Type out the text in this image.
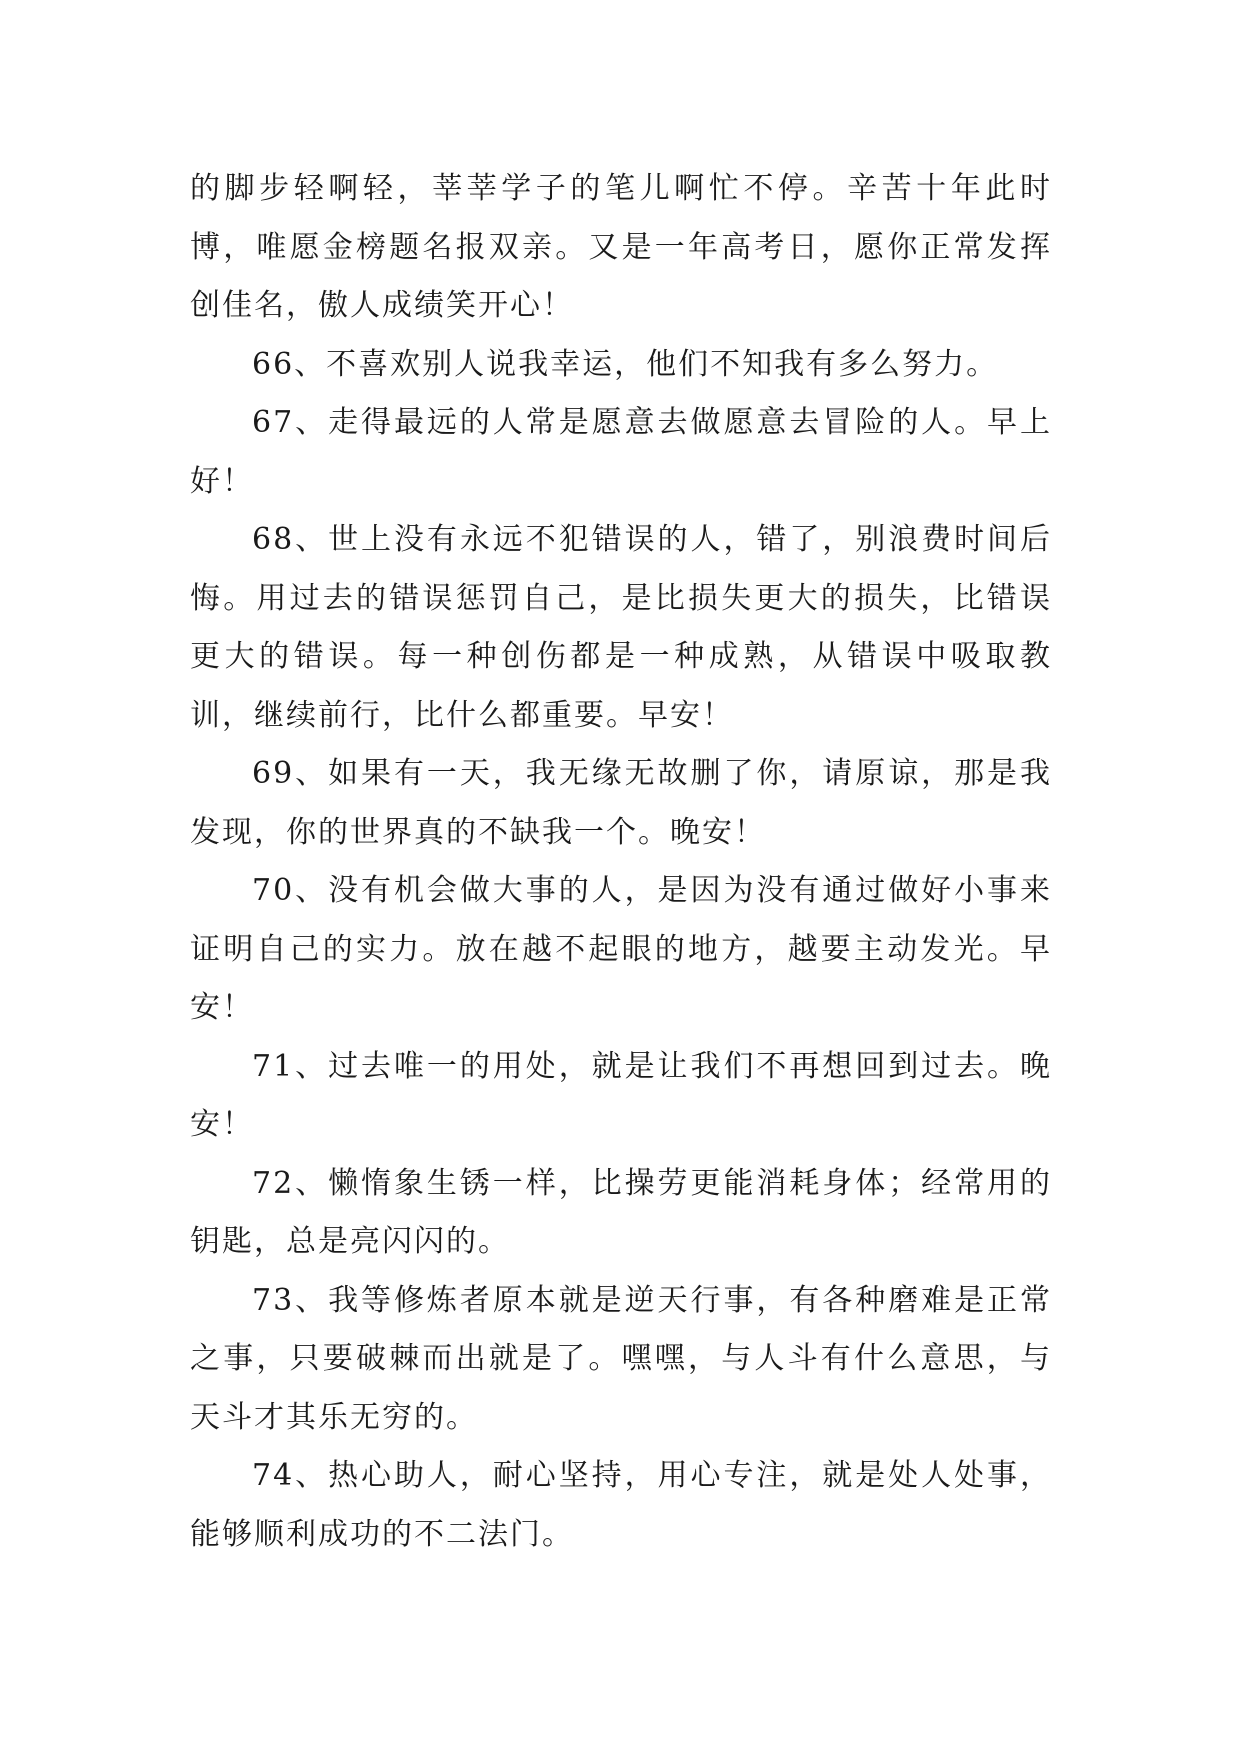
的脚步轻啊轻，莘莘学子的笔儿啊忙不停。辛苦十年此时博，唯愿金榜题名报双亲。又是一年高考日，愿你正常发挥创佳名，傲人成绩笑开心！

66、不喜欢别人说我幸运，他们不知我有多么努力。

67、走得最远的人常是愿意去做愿意去冒险的人。早上好！

68、世上没有永远不犯错误的人，错了，别浪费时间后悔。用过去的错误惩罚自己，是比损失更大的损失，比错误更大的错误。每一种创伤都是一种成熟，从错误中吸取教训，继续前行，比什么都重要。早安！

69、如果有一天，我无缘无故删了你，请原谅，那是我发现，你的世界真的不缺我一个。晚安！

70、没有机会做大事的人，是因为没有通过做好小事来证明自己的实力。放在越不起眼的地方，越要主动发光。早安！

71、过去唯一的用处，就是让我们不再想回到过去。晚安！

72、懒惰象生锈一样，比操劳更能消耗身体；经常用的钥匙，总是亮闪闪的。

73、我等修炼者原本就是逆天行事，有各种磨难是正常之事，只要破棘而出就是了。嘿嘿，与人斗有什么意思，与天斗才其乐无穷的。

74、热心助人，耐心坚持，用心专注，就是处人处事，能够顺利成功的不二法门。
